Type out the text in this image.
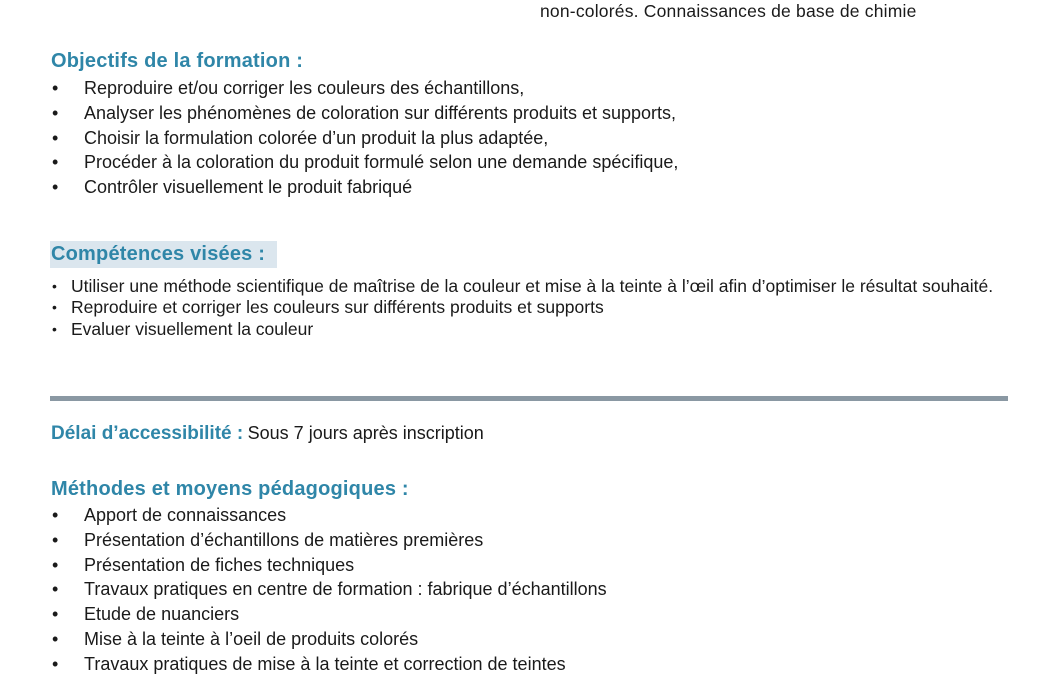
non-colorés. Connaissances de base de chimie
Objectifs de la formation :
• Reproduire et/ou corriger les couleurs des échantillons,
• Analyser les phénomènes de coloration sur différents produits et supports,
• Choisir la formulation colorée d’un produit la plus adaptée,
• Procéder à la coloration du produit formulé selon une demande spécifique,
• Contrôler visuellement le produit fabriqué
Compétences visées :
• Utiliser une méthode scientifique de maîtrise de la couleur et mise à la teinte à l’œil afin d’optimiser le résultat souhaité.
• Reproduire et corriger les couleurs sur différents produits et supports
• Evaluer visuellement la couleur
Délai d’accessibilité : Sous 7 jours après inscription
Méthodes et moyens pédagogiques :
• Apport de connaissances
• Présentation d’échantillons de matières premières
• Présentation de fiches techniques
• Travaux pratiques en centre de formation : fabrique d’échantillons
• Etude de nuanciers
• Mise à la teinte à l’oeil de produits colorés
• Travaux pratiques de mise à la teinte et correction de teintes
